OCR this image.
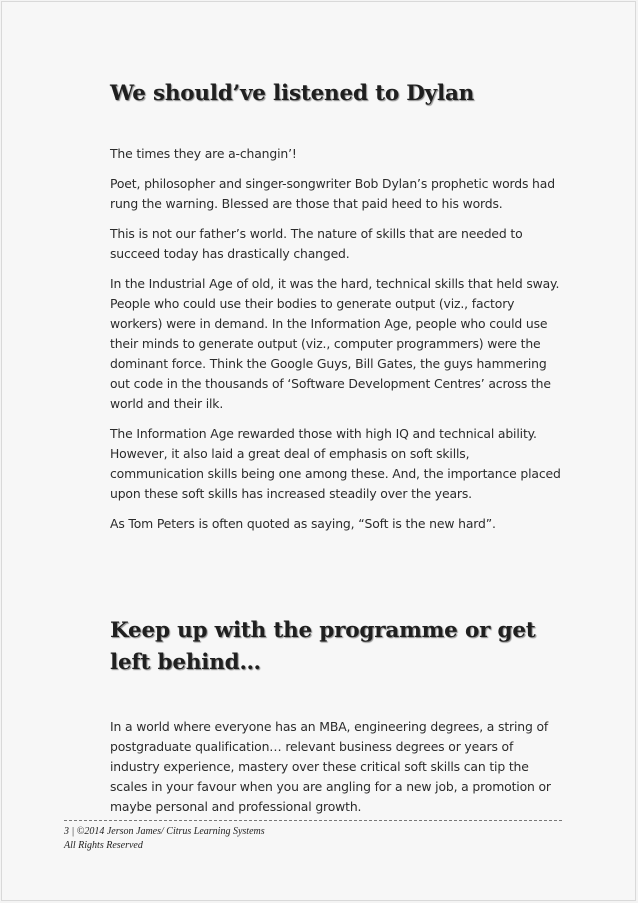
We should’ve listened to Dylan

The times they are a-changin’!

Poet, philosopher and singer-songwriter Bob Dylan’s prophetic words had rung the warning. Blessed are those that paid heed to his words.

This is not our father’s world. The nature of skills that are needed to succeed today has drastically changed.

In the Industrial Age of old, it was the hard, technical skills that held sway. People who could use their bodies to generate output (viz., factory workers) were in demand. In the Information Age, people who could use their minds to generate output (viz., computer programmers) were the dominant force. Think the Google Guys, Bill Gates, the guys hammering out code in the thousands of ‘Software Development Centres’ across the world and their ilk.

The Information Age rewarded those with high IQ and technical ability. However, it also laid a great deal of emphasis on soft skills, communication skills being one among these. And, the importance placed upon these soft skills has increased steadily over the years.

As Tom Peters is often quoted as saying, “Soft is the new hard”.

Keep up with the programme or get left behind…

In a world where everyone has an MBA, engineering degrees, a string of postgraduate qualification… relevant business degrees or years of industry experience, mastery over these critical soft skills can tip the scales in your favour when you are angling for a new job, a promotion or maybe personal and professional growth.

3 | ©2014 Jerson James/ Citrus Learning Systems
All Rights Reserved
